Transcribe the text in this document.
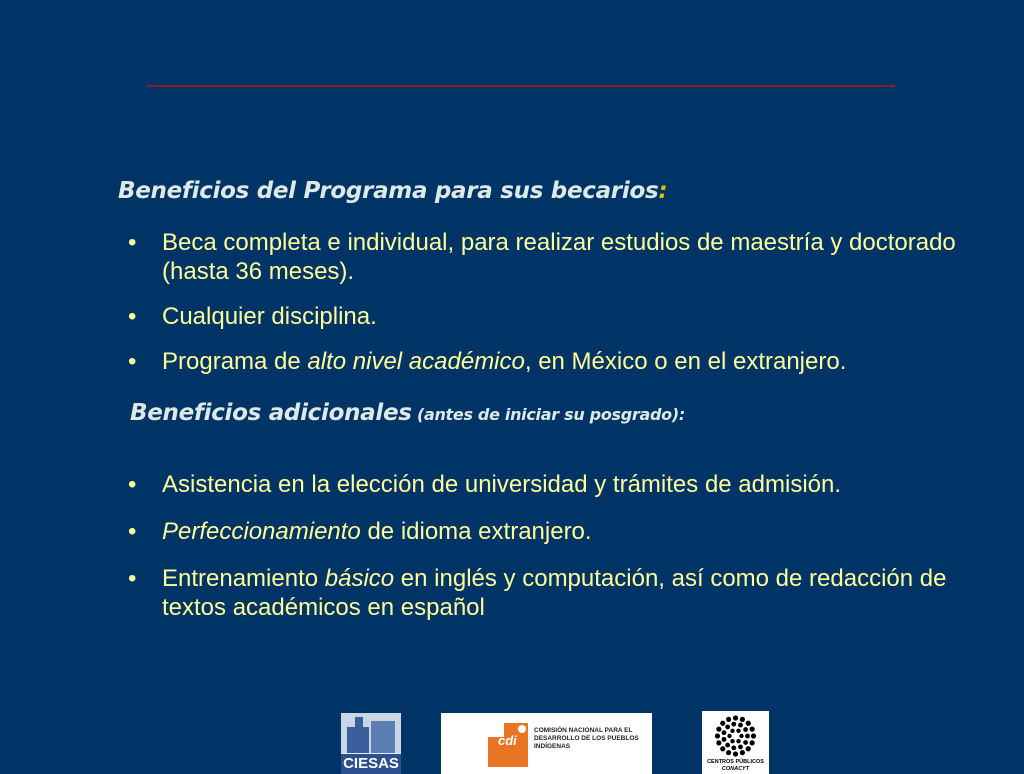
Beneficios del Programa para sus becarios:
• Beca completa e individual, para realizar estudios de maestría y doctorado (hasta 36 meses).
• Cualquier disciplina.
• Programa de alto nivel académico, en México o en el extranjero.
Beneficios adicionales (antes de iniciar su posgrado):
• Asistencia en la elección de universidad y trámites de admisión.
• Perfeccionamiento de idioma extranjero.
• Entrenamiento básico en inglés y computación, así como de redacción de textos académicos en español
CIESAS
cdi
COMISIÓN NACIONAL PARA EL DESARROLLO DE LOS PUEBLOS INDÍGENAS
CENTROS PÚBLICOS
CONACYT
